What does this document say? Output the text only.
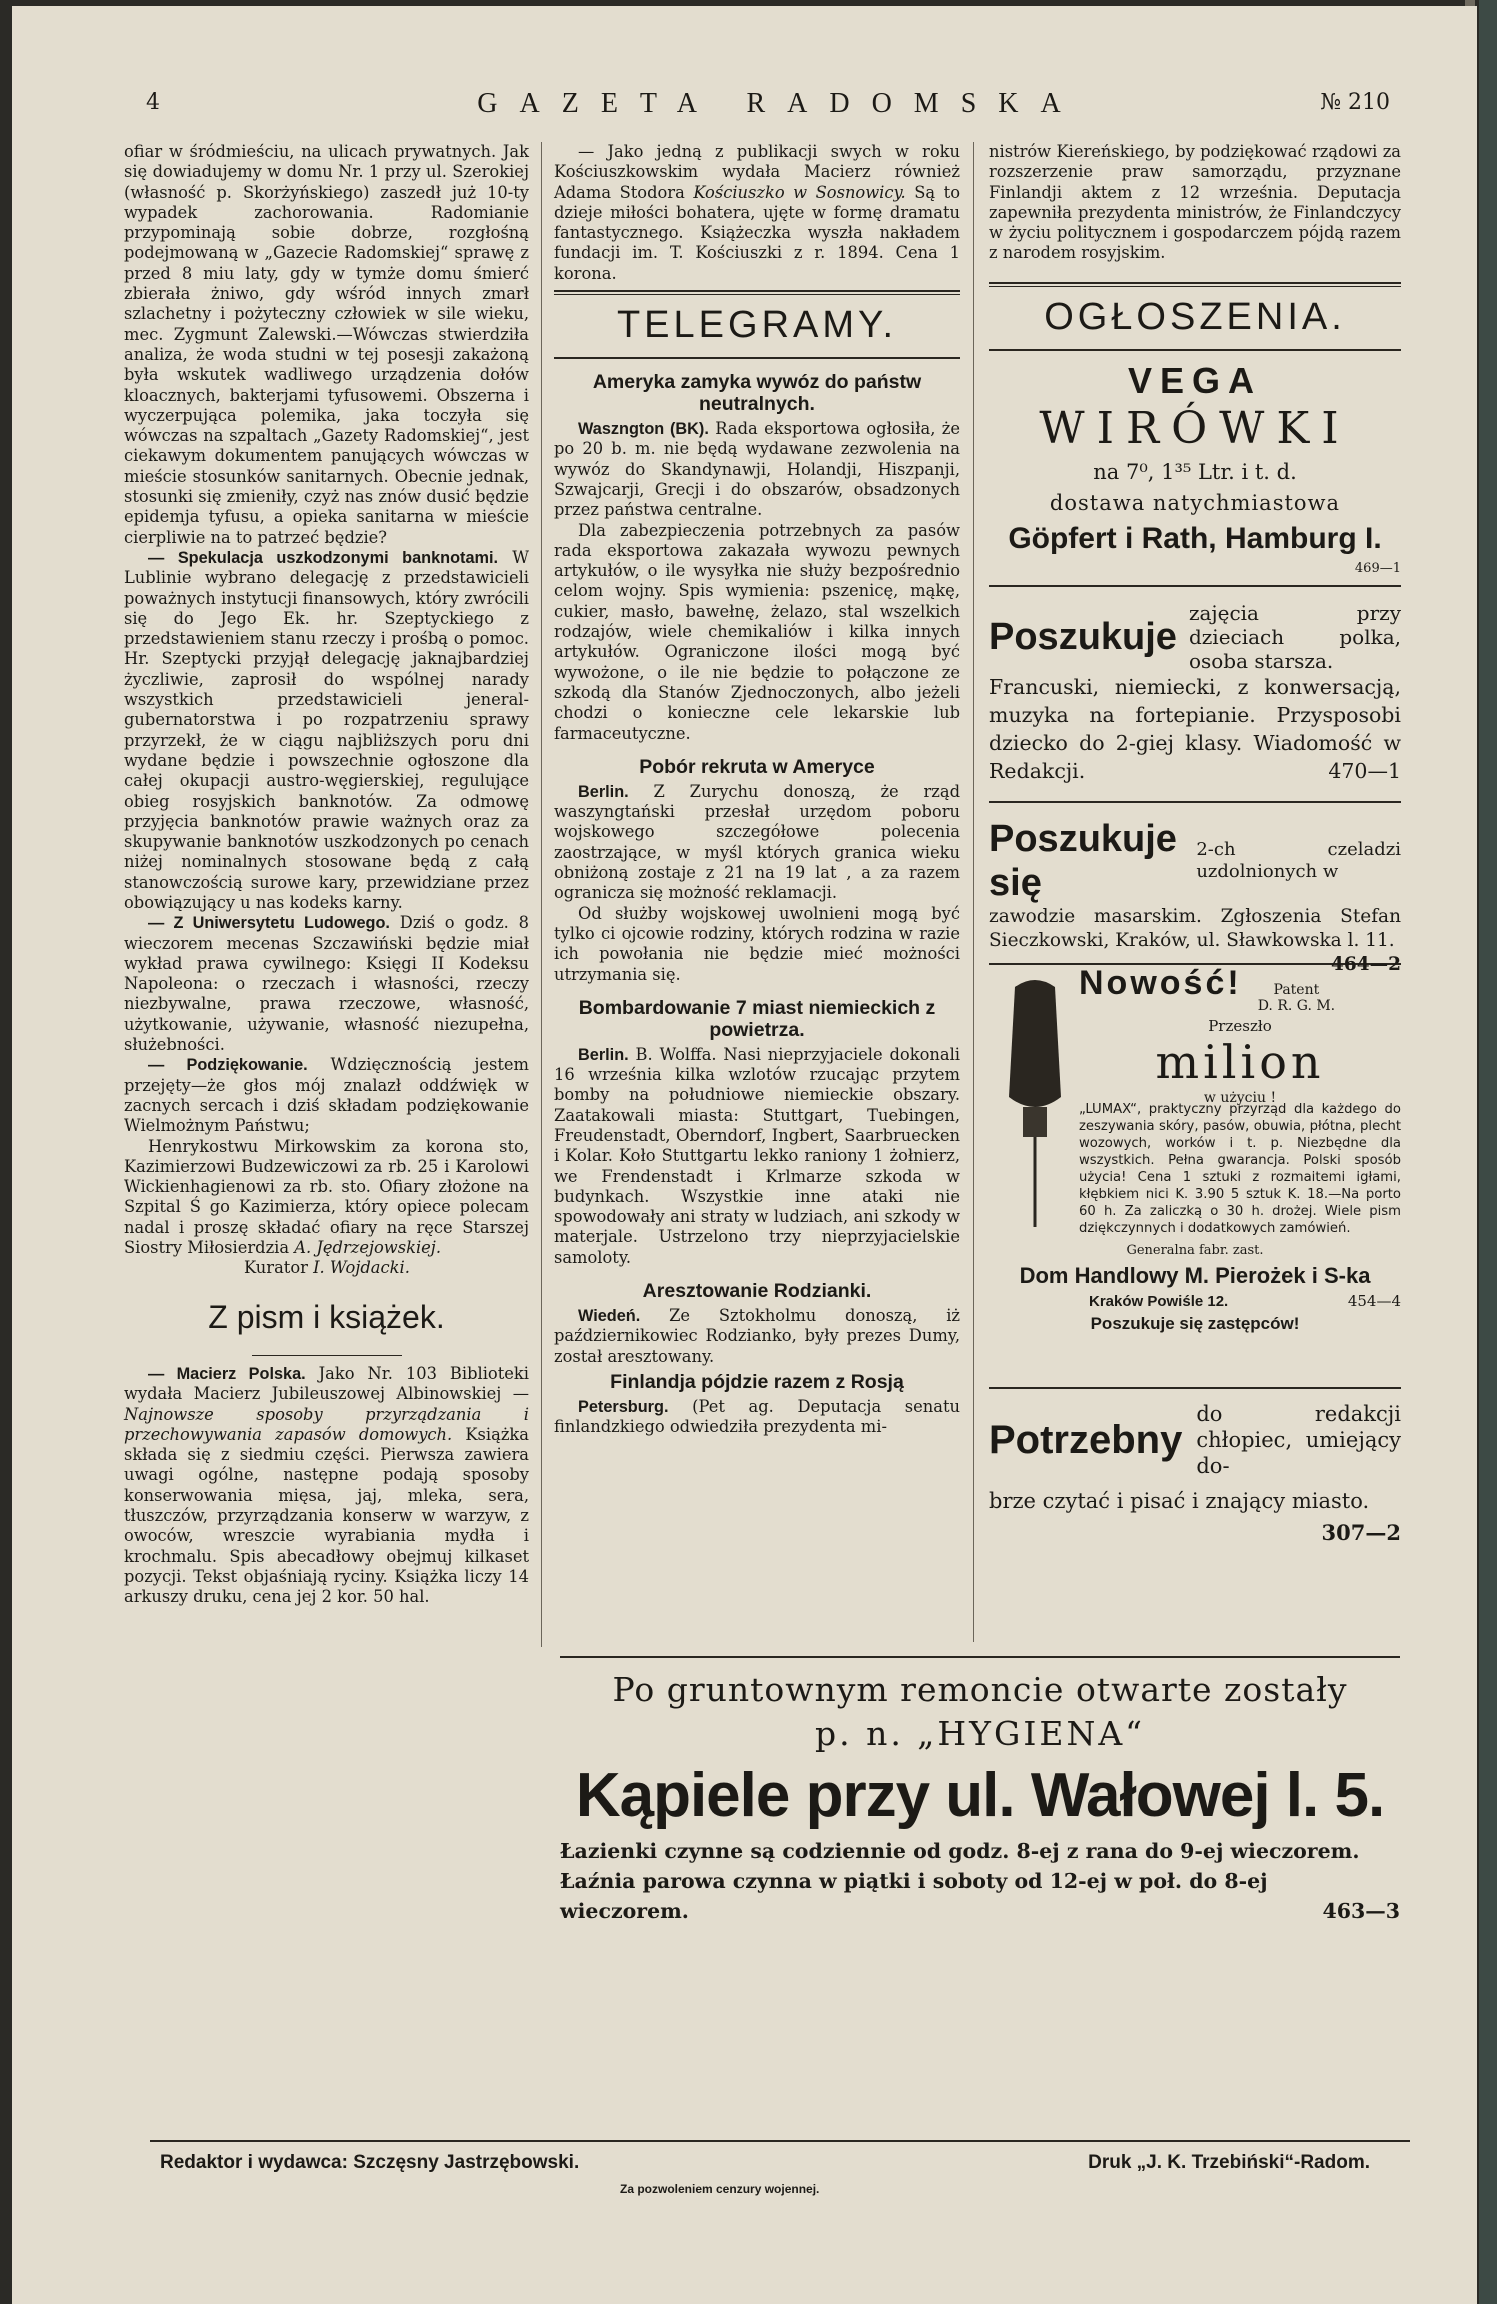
4	GAZETA RADOMSKA	№ 210

ofiar w śródmieściu, na ulicach prywatnych. Jak się dowiadujemy w domu Nr. 1 przy ul. Szerokiej (własność p. Skorżyńskiego) zaszedł już 10-ty wypadek zachorowania. Radomianie przypominają sobie dobrze, rozgłośną podejmowaną w „Gazecie Radomskiej“ sprawę z przed 8 miu laty, gdy w tymże domu śmierć zbierała żniwo, gdy wśród innych zmarł szlachetny i pożyteczny człowiek w sile wieku, mec. Zygmunt Zalewski.—Wówczas stwierdziła analiza, że woda studni w tej posesji zakażoną była wskutek wadliwego urządzenia dołów kloacznych, bakterjami tyfusowemi. Obszerna i wyczerpująca polemika, jaka toczyła się wówczas na szpaltach „Gazety Radomskiej“, jest ciekawym dokumentem panujących wówczas w mieście stosunków sanitarnych. Obecnie jednak, stosunki się zmieniły, czyż nas znów dusić będzie epidemja tyfusu, a opieka sanitarna w mieście cierpliwie na to patrzeć będzie?

— Spekulacja uszkodzonymi banknotami. W Lublinie wybrano delegację z przedstawicieli poważnych instytucji finansowych, który zwrócili się do Jego Ek. hr. Szeptyckiego z przedstawieniem stanu rzeczy i prośbą o pomoc. Hr. Szeptycki przyjął delegację jaknajbardziej życzliwie, zaprosił do wspólnej narady wszystkich przedstawicieli jeneral-gubernatorstwa i po rozpatrzeniu sprawy przyrzekł, że w ciągu najbliższych poru dni wydane będzie i powszechnie ogłoszone dla całej okupacji austro-węgierskiej, regulujące obieg rosyjskich banknotów. Za odmowę przyjęcia banknotów prawie ważnych oraz za skupywanie banknotów uszkodzonych po cenach niżej nominalnych stosowane będą z całą stanowczością surowe kary, przewidziane przez obowiązujący u nas kodeks karny.

— Z Uniwersytetu Ludowego. Dziś o godz. 8 wieczorem mecenas Szczawiński będzie miał wykład prawa cywilnego: Księgi II Kodeksu Napoleona: o rzeczach i własności, rzeczy niezbywalne, prawa rzeczowe, własność, użytkowanie, używanie, własność niezupełna, służebności.

— Podziękowanie. Wdzięcznością jestem przejęty—że głos mój znalazł oddźwięk w zacnych sercach i dziś składam podziękowanie Wielmożnym Państwu;

Henrykostwu Mirkowskim za korona sto, Kazimierzowi Budzewiczowi za rb. 25 i Karolowi Wickienhagienowi za rb. sto. Ofiary złożone na Szpital Ś go Kazimierza, który opiece polecam nadal i proszę składać ofiary na ręce Starszej Siostry Miłosierdzia A. Jędrzejowskiej.

Kurator I. Wojdacki.

Z pism i książek.

— Macierz Polska. Jako Nr. 103 Biblioteki wydała Macierz Jubileuszowej Albinowskiej — Najnowsze sposoby przyrządzania i przechowywania zapasów domowych. Książka składa się z siedmiu części. Pierwsza zawiera uwagi ogólne, następne podają sposoby konserwowania mięsa, jaj, mleka, sera, tłuszczów, przyrządzania konserw w warzyw, z owoców, wreszcie wyrabiania mydła i krochmalu. Spis abecadłowy obejmuj kilkaset pozycji. Tekst objaśniają ryciny. Książka liczy 14 arkuszy druku, cena jej 2 kor. 50 hal.

— Jako jedną z publikacji swych w roku Kościuszkowskim wydała Macierz również Adama Stodora Kościuszko w Sosnowicy. Są to dzieje miłości bohatera, ujęte w formę dramatu fantastycznego. Książeczka wyszła nakładem fundacji im. T. Kościuszki z r. 1894. Cena 1 korona.

TELEGRAMY.
Ameryka zamyka wywóz do państw neutralnych.

Waszngton (BK). Rada eksportowa ogłosiła, że po 20 b. m. nie będą wydawane zezwolenia na wywóz do Skandynawji, Holandji, Hiszpanji, Szwajcarji, Grecji i do obszarów, obsadzonych przez państwa centralne.

Dla zabezpieczenia potrzebnych za pasów rada eksportowa zakazała wywozu pewnych artykułów, o ile wysyłka nie służy bezpośrednio celom wojny. Spis wymienia: pszenicę, mąkę, cukier, masło, bawełnę, żelazo, stal wszelkich rodzajów, wiele chemikaliów i kilka innych artykułów. Ograniczone ilości mogą być wywożone, o ile nie będzie to połączone ze szkodą dla Stanów Zjednoczonych, albo jeżeli chodzi o konieczne cele lekarskie lub farmaceutyczne.

Pobór rekruta w Ameryce

Berlin. Z Zurychu donoszą, że rząd waszyngtański przesłał urzędom poboru wojskowego szczegółowe polecenia zaostrzające, w myśl których granica wieku obniżoną zostaje z 21 na 19 lat , a za razem ogranicza się możność reklamacji.

Od służby wojskowej uwolnieni mogą być tylko ci ojcowie rodziny, których rodzina w razie ich powołania nie będzie mieć możności utrzymania się.

Bombardowanie 7 miast niemieckich z powietrza.

Berlin. B. Wolffa. Nasi nieprzyjaciele dokonali 16 września kilka wzlotów rzucając przytem bomby na południowe niemieckie obszary. Zaatakowali miasta: Stuttgart, Tuebingen, Freudenstadt, Oberndorf, Ingbert, Saarbruecken i Kolar. Koło Stuttgartu lekko raniony 1 żołnierz, we Frendenstadt i Krlmarze szkoda w budynkach. Wszystkie inne ataki nie spowodowały ani straty w ludziach, ani szkody w materjale. Ustrzelono trzy nieprzyjacielskie samoloty.

Aresztowanie Rodzianki.

Wiedeń. Ze Sztokholmu donoszą, iż październikowiec Rodzianko, były prezes Dumy, został aresztowany.

Finlandja pójdzie razem z Rosją

Petersburg. (Pet ag. Deputacja senatu finlandzkiego odwiedziła prezydenta mi-

nistrów Kiereńskiego, by podziękować rządowi za rozszerzenie praw samorządu, przyznane Finlandji aktem z 12 września. Deputacja zapewniła prezydenta ministrów, że Finlandczycy w życiu politycznem i gospodarczem pójdą razem z narodem rosyjskim.

OGŁOSZENIA.
VEGA
WIRÓWKI
na 7⁰, 1³⁵ Ltr. i t. d.
dostawa natychmiastowa
Göpfert i Rath, Hamburg I.
469—1
Poszukuje
zajęcia przy dzieciach polka, osoba starsza.
Francuski, niemiecki, z konwersacją, muzyka na fortepianie. Przysposobi dziecko do 2-giej klasy. Wiadomość w Redakcji.	470—1
Poszukuje się
2-ch czeladzi uzdolnionych w
zawodzie masarskim. Zgłoszenia Stefan Sieczkowski, Kraków, ul. Sławkowska l. 11.
464—2
Nowość!	Patent
D. R. G. M.
Przeszło
milion
w użyciu !
„LUMAX“, praktyczny przyrząd dla każdego do zeszywania skóry, pasów, obuwia, płótna, plecht wozowych, worków i t. p. Niezbędne dla wszystkich. Pełna gwarancja. Polski sposób użycia! Cena 1 sztuki z rozmaitemi igłami, kłębkiem nici K. 3.90 5 sztuk K. 18.—Na porto 60 h. Za zaliczką o 30 h. drożej. Wiele pism dziękczynnych i dodatkowych zamówień.
Generalna fabr. zast.
Dom Handlowy M. Pierożek i S-ka
Kraków Powiśle 12.	454—4
Poszukuje się zastępców!
Potrzebny
do redakcji chłopiec, umiejący do-
brze czytać i pisać i znający miasto.
307—2
Po gruntownym remoncie otwarte zostały
p. n. „HYGIENA“
Kąpiele przy ul. Wałowej l. 5.
Łazienki czynne są codziennie od godz. 8-ej z rana do 9-ej wieczorem.
Łaźnia parowa czynna w piątki i soboty od 12-ej w poł. do 8-ej wieczorem.	463—3
Redaktor i wydawca: Szczęsny Jastrzębowski.	Druk „J. K. Trzebiński“-Radom.
Za pozwoleniem cenzury wojennej.
